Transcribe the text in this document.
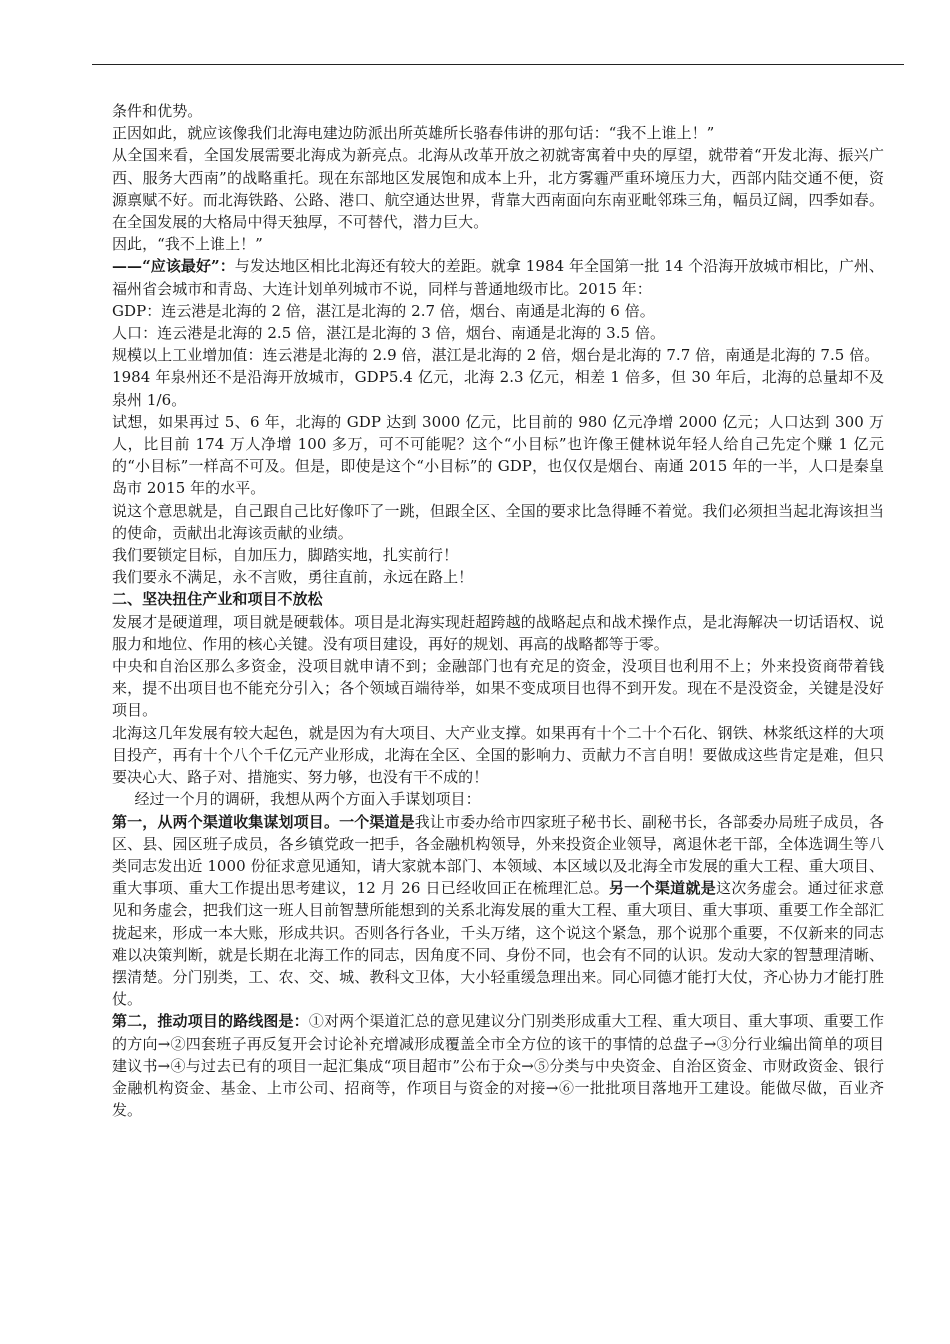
条件和优势。

正因如此，就应该像我们北海电建边防派出所英雄所长骆春伟讲的那句话：“我不上谁上！”

从全国来看，全国发展需要北海成为新亮点。北海从改革开放之初就寄寓着中央的厚望，就带着“开发北海、振兴广西、服务大西南”的战略重托。现在东部地区发展饱和成本上升，北方雾霾严重环境压力大，西部内陆交通不便，资源禀赋不好。而北海铁路、公路、港口、航空通达世界，背靠大西南面向东南亚毗邻珠三角，幅员辽阔，四季如春。在全国发展的大格局中得天独厚，不可替代，潜力巨大。

因此，“我不上谁上！”

——“应该最好”：与发达地区相比北海还有较大的差距。就拿 1984 年全国第一批 14 个沿海开放城市相比，广州、福州省会城市和青岛、大连计划单列城市不说，同样与普通地级市比。2015 年：

GDP：连云港是北海的 2 倍，湛江是北海的 2.7 倍，烟台、南通是北海的 6 倍。

人口：连云港是北海的 2.5 倍，湛江是北海的 3 倍，烟台、南通是北海的 3.5 倍。

规模以上工业增加值：连云港是北海的 2.9 倍，湛江是北海的 2 倍，烟台是北海的 7.7 倍，南通是北海的 7.5 倍。

1984 年泉州还不是沿海开放城市，GDP5.4 亿元，北海 2.3 亿元，相差 1 倍多，但 30 年后，北海的总量却不及泉州 1/6。

试想，如果再过 5、6 年，北海的 GDP 达到 3000 亿元，比目前的 980 亿元净增 2000 亿元；人口达到 300 万人，比目前 174 万人净增 100 多万，可不可能呢？这个“小目标”也许像王健林说年轻人给自己先定个赚 1 亿元的“小目标”一样高不可及。但是，即使是这个“小目标”的 GDP，也仅仅是烟台、南通 2015 年的一半，人口是秦皇岛市 2015 年的水平。

说这个意思就是，自己跟自己比好像吓了一跳，但跟全区、全国的要求比急得睡不着觉。我们必须担当起北海该担当的使命，贡献出北海该贡献的业绩。

我们要锁定目标，自加压力，脚踏实地，扎实前行！

我们要永不满足，永不言败，勇往直前，永远在路上！

二、坚决扭住产业和项目不放松

发展才是硬道理，项目就是硬载体。项目是北海实现赶超跨越的战略起点和战术操作点，是北海解决一切话语权、说服力和地位、作用的核心关键。没有项目建设，再好的规划、再高的战略都等于零。

中央和自治区那么多资金，没项目就申请不到；金融部门也有充足的资金，没项目也利用不上；外来投资商带着钱来，提不出项目也不能充分引入；各个领域百端待举，如果不变成项目也得不到开发。现在不是没资金，关键是没好项目。

北海这几年发展有较大起色，就是因为有大项目、大产业支撑。如果再有十个二十个石化、钢铁、林浆纸这样的大项目投产，再有十个八个千亿元产业形成，北海在全区、全国的影响力、贡献力不言自明！要做成这些肯定是难，但只要决心大、路子对、措施实、努力够，也没有干不成的！

经过一个月的调研，我想从两个方面入手谋划项目：

第一，从两个渠道收集谋划项目。一个渠道是我让市委办给市四家班子秘书长、副秘书长，各部委办局班子成员，各区、县、园区班子成员，各乡镇党政一把手，各金融机构领导，外来投资企业领导，离退休老干部，全体选调生等八类同志发出近 1000 份征求意见通知，请大家就本部门、本领域、本区域以及北海全市发展的重大工程、重大项目、重大事项、重大工作提出思考建议，12 月 26 日已经收回正在梳理汇总。另一个渠道就是这次务虚会。通过征求意见和务虚会，把我们这一班人目前智慧所能想到的关系北海发展的重大工程、重大项目、重大事项、重要工作全部汇拢起来，形成一本大账，形成共识。否则各行各业，千头万绪，这个说这个紧急，那个说那个重要，不仅新来的同志难以决策判断，就是长期在北海工作的同志，因角度不同、身份不同，也会有不同的认识。发动大家的智慧理清晰、摆清楚。分门别类，工、农、交、城、教科文卫体，大小轻重缓急理出来。同心同德才能打大仗，齐心协力才能打胜仗。

第二，推动项目的路线图是：①对两个渠道汇总的意见建议分门别类形成重大工程、重大项目、重大事项、重要工作的方向→②四套班子再反复开会讨论补充增减形成覆盖全市全方位的该干的事情的总盘子→③分行业编出简单的项目建议书→④与过去已有的项目一起汇集成“项目超市”公布于众→⑤分类与中央资金、自治区资金、市财政资金、银行金融机构资金、基金、上市公司、招商等，作项目与资金的对接→⑥一批批项目落地开工建设。能做尽做，百业齐发。
